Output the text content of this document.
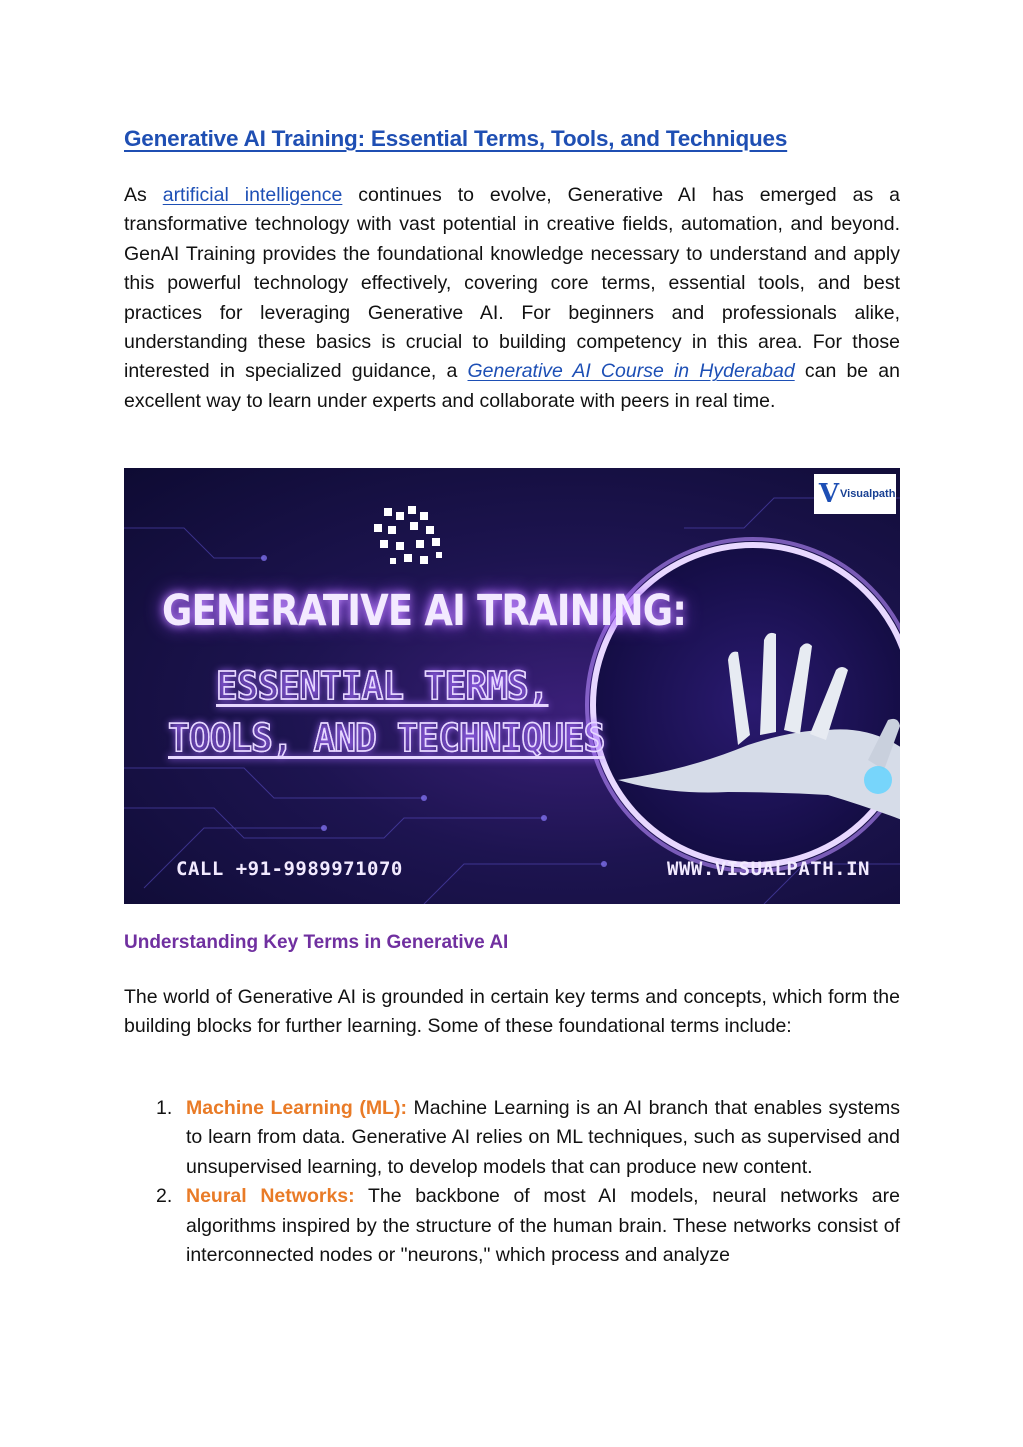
Generative AI Training: Essential Terms, Tools, and Techniques

As artificial intelligence continues to evolve, Generative AI has emerged as a transformative technology with vast potential in creative fields, automation, and beyond. GenAI Training provides the foundational knowledge necessary to understand and apply this powerful technology effectively, covering core terms, essential tools, and best practices for leveraging Generative AI. For beginners and professionals alike, understanding these basics is crucial to building competency in this area. For those interested in specialized guidance, a Generative AI Course in Hyderabad can be an excellent way to learn under experts and collaborate with peers in real time.

V Visualpath
GENERATIVE AI TRAINING:
ESSENTIAL TERMS,
TOOLS, AND TECHNIQUES
CALL +91-9989971070	WWW.VISUALPATH.IN
Understanding Key Terms in Generative AI

The world of Generative AI is grounded in certain key terms and concepts, which form the building blocks for further learning. Some of these foundational terms include:

1. Machine Learning (ML): Machine Learning is an AI branch that enables systems to learn from data. Generative AI relies on ML techniques, such as supervised and unsupervised learning, to develop models that can produce new content.
2. Neural Networks: The backbone of most AI models, neural networks are algorithms inspired by the structure of the human brain. These networks consist of interconnected nodes or "neurons," which process and analyze
